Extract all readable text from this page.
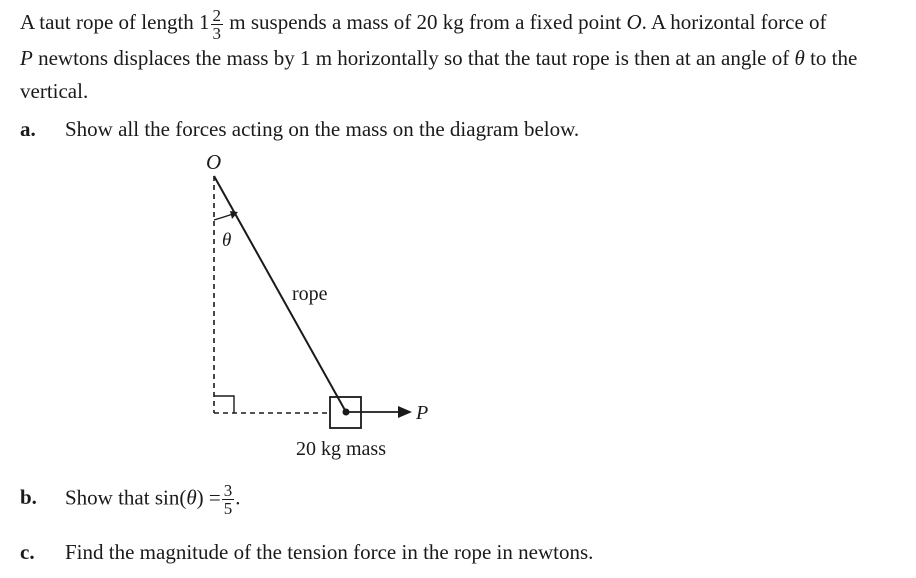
A taut rope of length $1 \frac{2}{3}$ m suspends a mass of 20 kg from a fixed point O. A horizontal force of
P newtons displaces the mass by 1 m horizontally so that the taut rope is then at an angle of θ to the vertical.

a. Show all the forces acting on the mass on the diagram below.
O
θ
rope
P
20 kg mass
b. Show that $\sin(\theta) = \frac{3}{5}$ .
c. Find the magnitude of the tension force in the rope in newtons.
